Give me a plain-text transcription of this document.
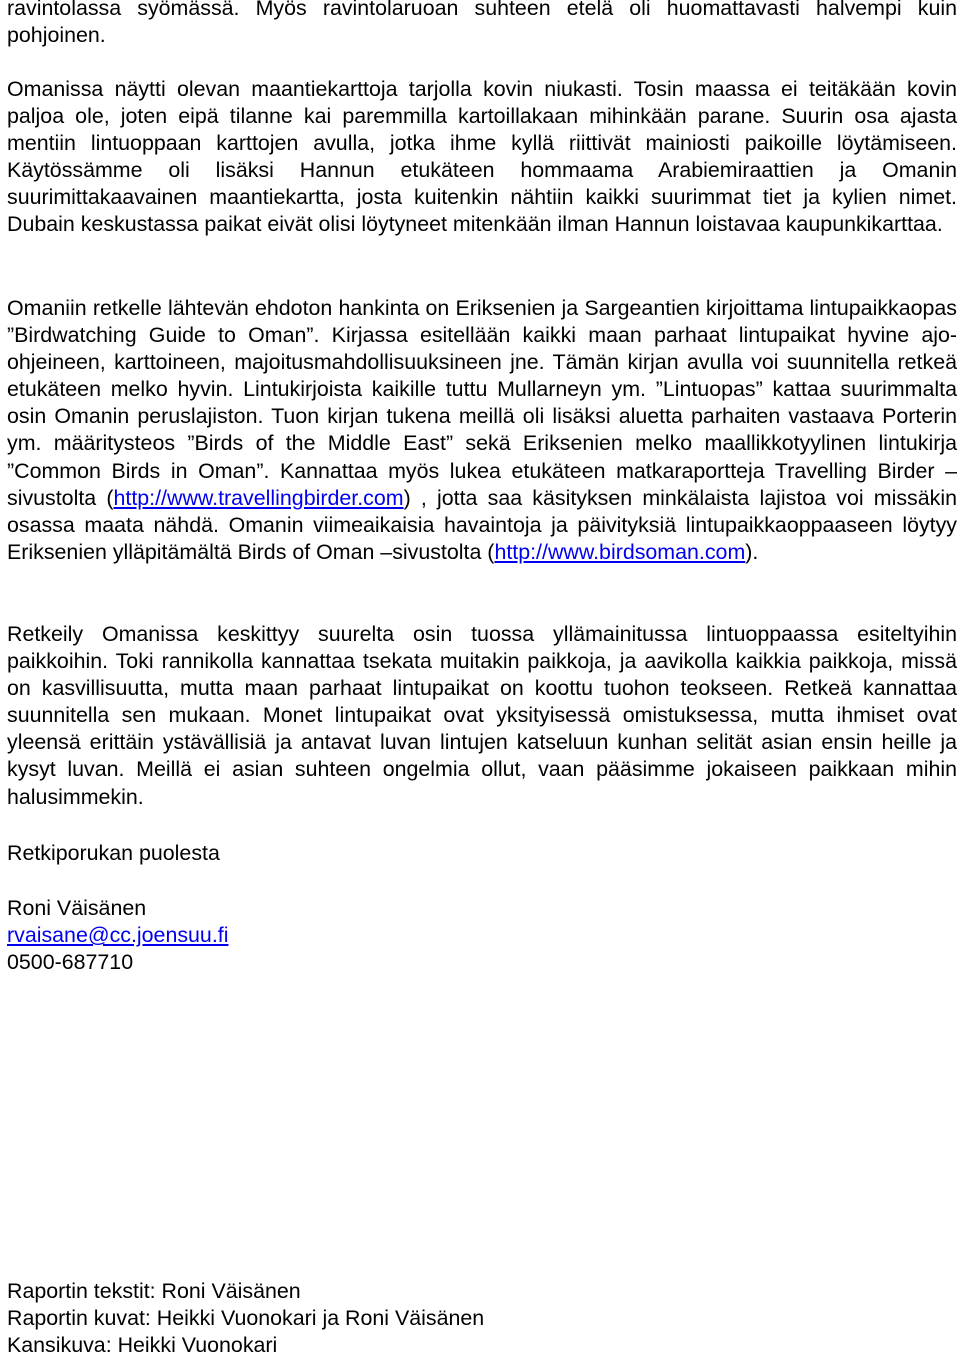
ravintolassa syömässä. Myös ravintolaruoan suhteen etelä oli huomattavasti halvempi kuin pohjoinen.

Omanissa näytti olevan maantiekarttoja tarjolla kovin niukasti. Tosin maassa ei teitäkään kovin paljoa ole, joten eipä tilanne kai paremmilla kartoillakaan mihinkään parane. Suurin osa ajasta mentiin lintuoppaan karttojen avulla, jotka ihme kyllä riittivät mainiosti paikoille löytämiseen. Käytössämme oli lisäksi Hannun etukäteen hommaama Arabiemiraattien ja Omanin suurimittakaavainen maantiekartta, josta kuitenkin nähtiin kaikki suurimmat tiet ja kylien nimet. Dubain keskustassa paikat eivät olisi löytyneet mitenkään ilman Hannun loistavaa kaupunkikarttaa.

Omaniin retkelle lähtevän ehdoton hankinta on Eriksenien ja Sargeantien kirjoittama lintupaikkaopas ”Birdwatching Guide to Oman”. Kirjassa esitellään kaikki maan parhaat lintupaikat hyvine ajo-ohjeineen, karttoineen, majoitusmahdollisuuksineen jne. Tämän kirjan avulla voi suunnitella retkeä etukäteen melko hyvin. Lintukirjoista kaikille tuttu Mullarneyn ym. ”Lintuopas” kattaa suurimmalta osin Omanin peruslajiston. Tuon kirjan tukena meillä oli lisäksi aluetta parhaiten vastaava Porterin ym. määritysteos ”Birds of the Middle East” sekä Eriksenien melko maallikkotyylinen lintukirja ”Common Birds in Oman”. Kannattaa myös lukea etukäteen matkaraportteja Travelling Birder –sivustolta (http://www.travellingbirder.com) , jotta saa käsityksen minkälaista lajistoa voi missäkin osassa maata nähdä. Omanin viimeaikaisia havaintoja ja päivityksiä lintupaikkaoppaaseen löytyy Eriksenien ylläpitämältä Birds of Oman –sivustolta (http://www.birdsoman.com).

Retkeily Omanissa keskittyy suurelta osin tuossa yllämainitussa lintuoppaassa esiteltyihin paikkoihin. Toki rannikolla kannattaa tsekata muitakin paikkoja, ja aavikolla kaikkia paikkoja, missä on kasvillisuutta, mutta maan parhaat lintupaikat on koottu tuohon teokseen. Retkeä kannattaa suunnitella sen mukaan. Monet lintupaikat ovat yksityisessä omistuksessa, mutta ihmiset ovat yleensä erittäin ystävällisiä ja antavat luvan lintujen katseluun kunhan selität asian ensin heille ja kysyt luvan. Meillä ei asian suhteen ongelmia ollut, vaan pääsimme jokaiseen paikkaan mihin halusimmekin.

Retkiporukan puolesta

Roni Väisänen

rvaisane@cc.joensuu.fi

0500-687710

Raportin tekstit: Roni Väisänen

Raportin kuvat: Heikki Vuonokari ja Roni Väisänen

Kansikuva: Heikki Vuonokari
